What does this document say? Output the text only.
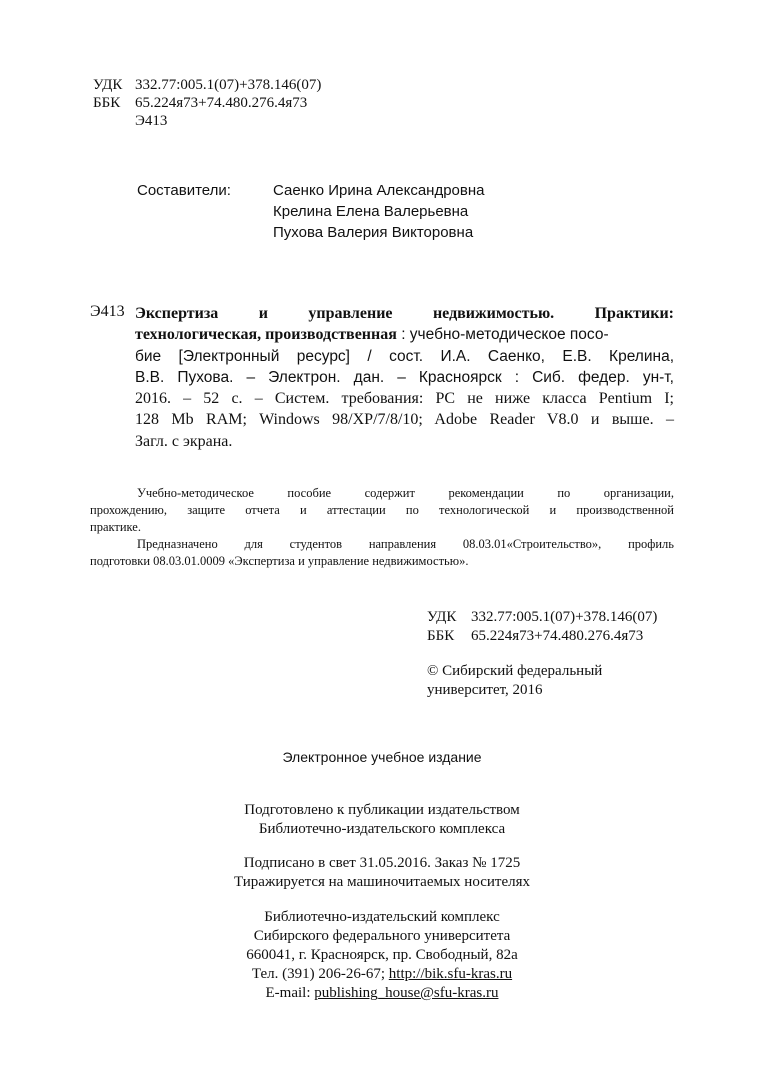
УДК 332.77:005.1(07)+378.146(07)
ББК 65.224я73+74.480.276.4я73
Э413
Составители:	Саенко Ирина Александровна
Крелина Елена Валерьевна
Пухова Валерия Викторовна
Э413 Экспертиза	и	управление	недвижимостью.	Практики:
технологическая, производственная : учебно-методическое посо-
бие [Электронный ресурс] / сост. И.А. Саенко, Е.В. Крелина,
В.В. Пухова. – Электрон. дан. – Красноярск : Сиб. федер. ун-т,
2016. – 52 с. – Систем. требования: PC не ниже класса Pentium I;
128 Mb RAM; Windows 98/XP/7/8/10; Adobe Reader V8.0 и выше. –
Загл. с экрана.
Учебно-методическое пособие содержит рекомендации по организации,
прохождению, защите отчета и аттестации по технологической и производственной
практике.
Предназначено для студентов направления 08.03.01«Строительство», профиль
подготовки 08.03.01.0009 «Экспертиза и управление недвижимостью».
УДК 332.77:005.1(07)+378.146(07)
ББК	65.224я73+74.480.276.4я73
© Сибирский федеральный
университет, 2016
Электронное учебное издание
Подготовлено к публикации издательством
Библиотечно-издательского комплекса
Подписано в свет 31.05.2016. Заказ № 1725
Тиражируется на машиночитаемых носителях
Библиотечно-издательский комплекс
Сибирского федерального университета
660041, г. Красноярск, пр. Свободный, 82а
Тел. (391) 206-26-67; http://bik.sfu-kras.ru
E-mail: publishing_house@sfu-kras.ru
